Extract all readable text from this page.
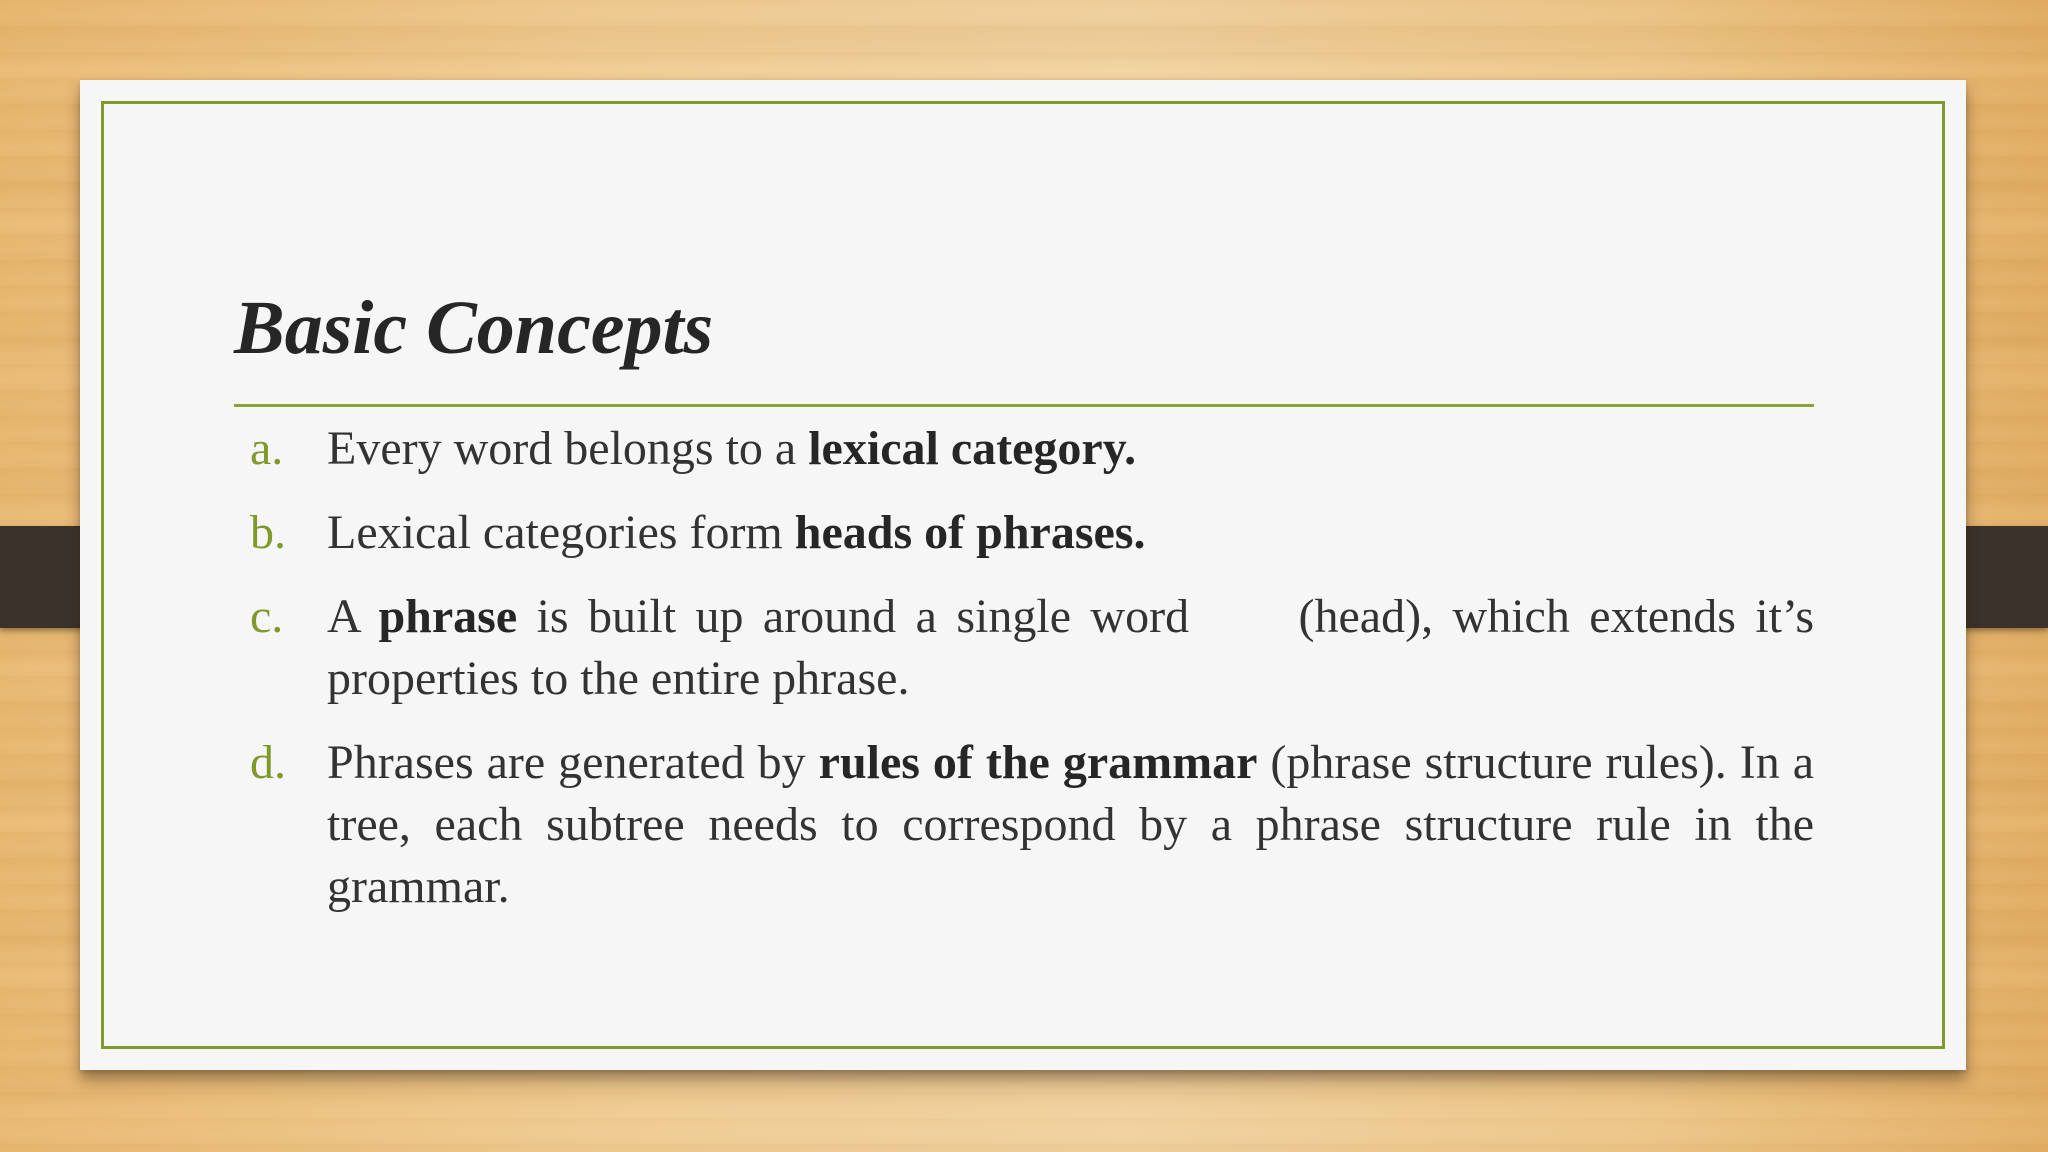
Basic Concepts
a. Every word belongs to a lexical category.
b. Lexical categories form heads of phrases.
c. A phrase is built up around a single word (head), which extends it’s properties to the entire phrase.
d. Phrases are generated by rules of the grammar (phrase structure rules). In a tree, each subtree needs to correspond by a phrase structure rule in the grammar.
